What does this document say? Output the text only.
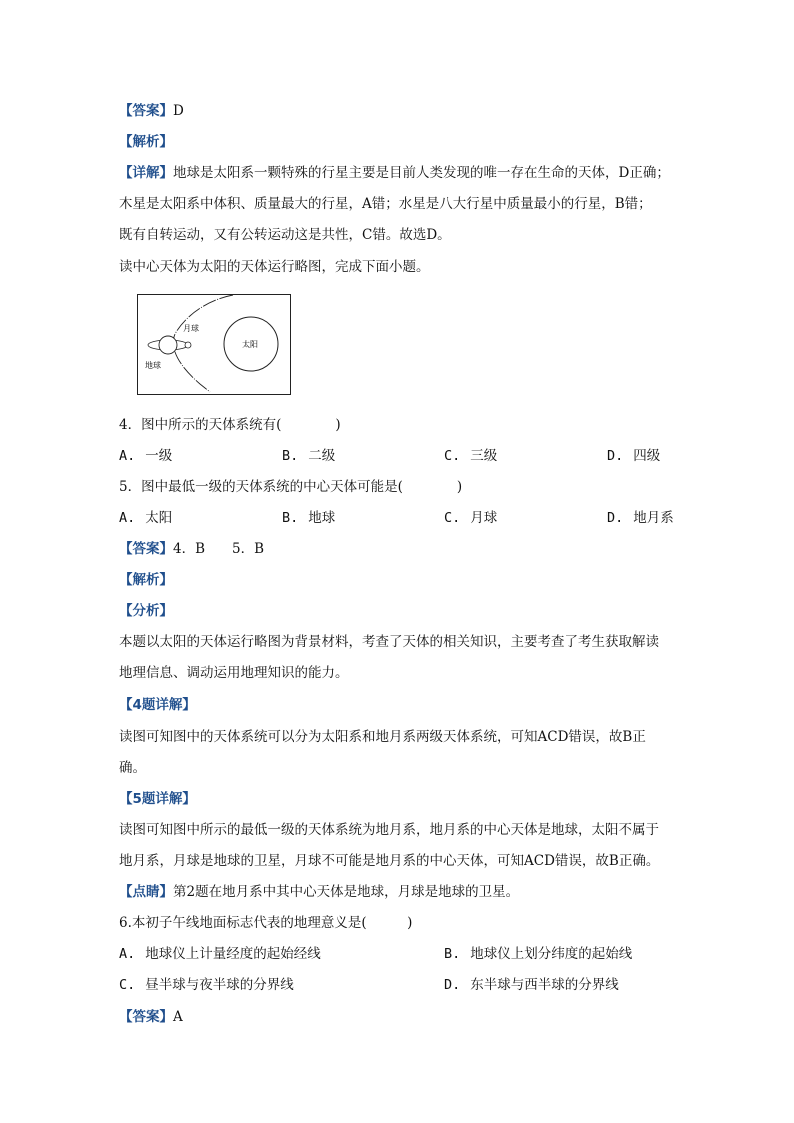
【答案】D
【解析】
【详解】地球是太阳系一颗特殊的行星主要是目前人类发现的唯一存在生命的天体，D正确；
木星是太阳系中体积、质量最大的行星，A错；水星是八大行星中质量最小的行星，B错；
既有自转运动，又有公转运动这是共性，C错。故选D。
读中心天体为太阳的天体运行略图，完成下面小题。
月球
太阳
地球
4．图中所示的天体系统有(　　　　)
A. 一级	B. 二级	C. 三级	D. 四级
5．图中最低一级的天体系统的中心天体可能是(　　　　)
A. 太阳	B. 地球	C. 月球	D. 地月系
【答案】4．B　　5．B
【解析】
【分析】
本题以太阳的天体运行略图为背景材料，考查了天体的相关知识，主要考查了考生获取解读
地理信息、调动运用地理知识的能力。
【4题详解】
读图可知图中的天体系统可以分为太阳系和地月系两级天体系统，可知ACD错误，故B正
确。
【5题详解】
读图可知图中所示的最低一级的天体系统为地月系，地月系的中心天体是地球，太阳不属于
地月系，月球是地球的卫星，月球不可能是地月系的中心天体，可知ACD错误，故B正确。
【点睛】第2题在地月系中其中心天体是地球，月球是地球的卫星。
6.本初子午线地面标志代表的地理意义是(　　　)
A. 地球仪上计量经度的起始经线	B. 地球仪上划分纬度的起始线
C. 昼半球与夜半球的分界线	D. 东半球与西半球的分界线
【答案】A
